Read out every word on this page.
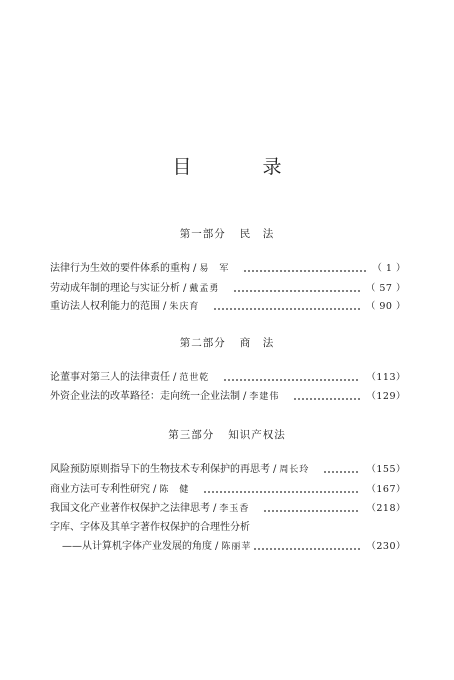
目　录
第一部分 民　法
法律行为生效的要件体系的重构 / 易　军	（ 1 ）
劳动成年制的理论与实证分析 / 戴孟勇	（ 57 ）
重访法人权利能力的范围 / 朱庆育	（ 90 ）
第二部分 商　法
论董事对第三人的法律责任 / 范世乾	（113）
外资企业法的改革路径：走向统一企业法制 / 李建伟	（129）
第三部分 知识产权法
风险预防原则指导下的生物技术专利保护的再思考 / 周长玲	（155）
商业方法可专利性研究 / 陈　健	（167）
我国文化产业著作权保护之法律思考 / 李玉香	（218）
字库、字体及其单字著作权保护的合理性分析
——从计算机字体产业发展的角度 / 陈丽苹	（230）
